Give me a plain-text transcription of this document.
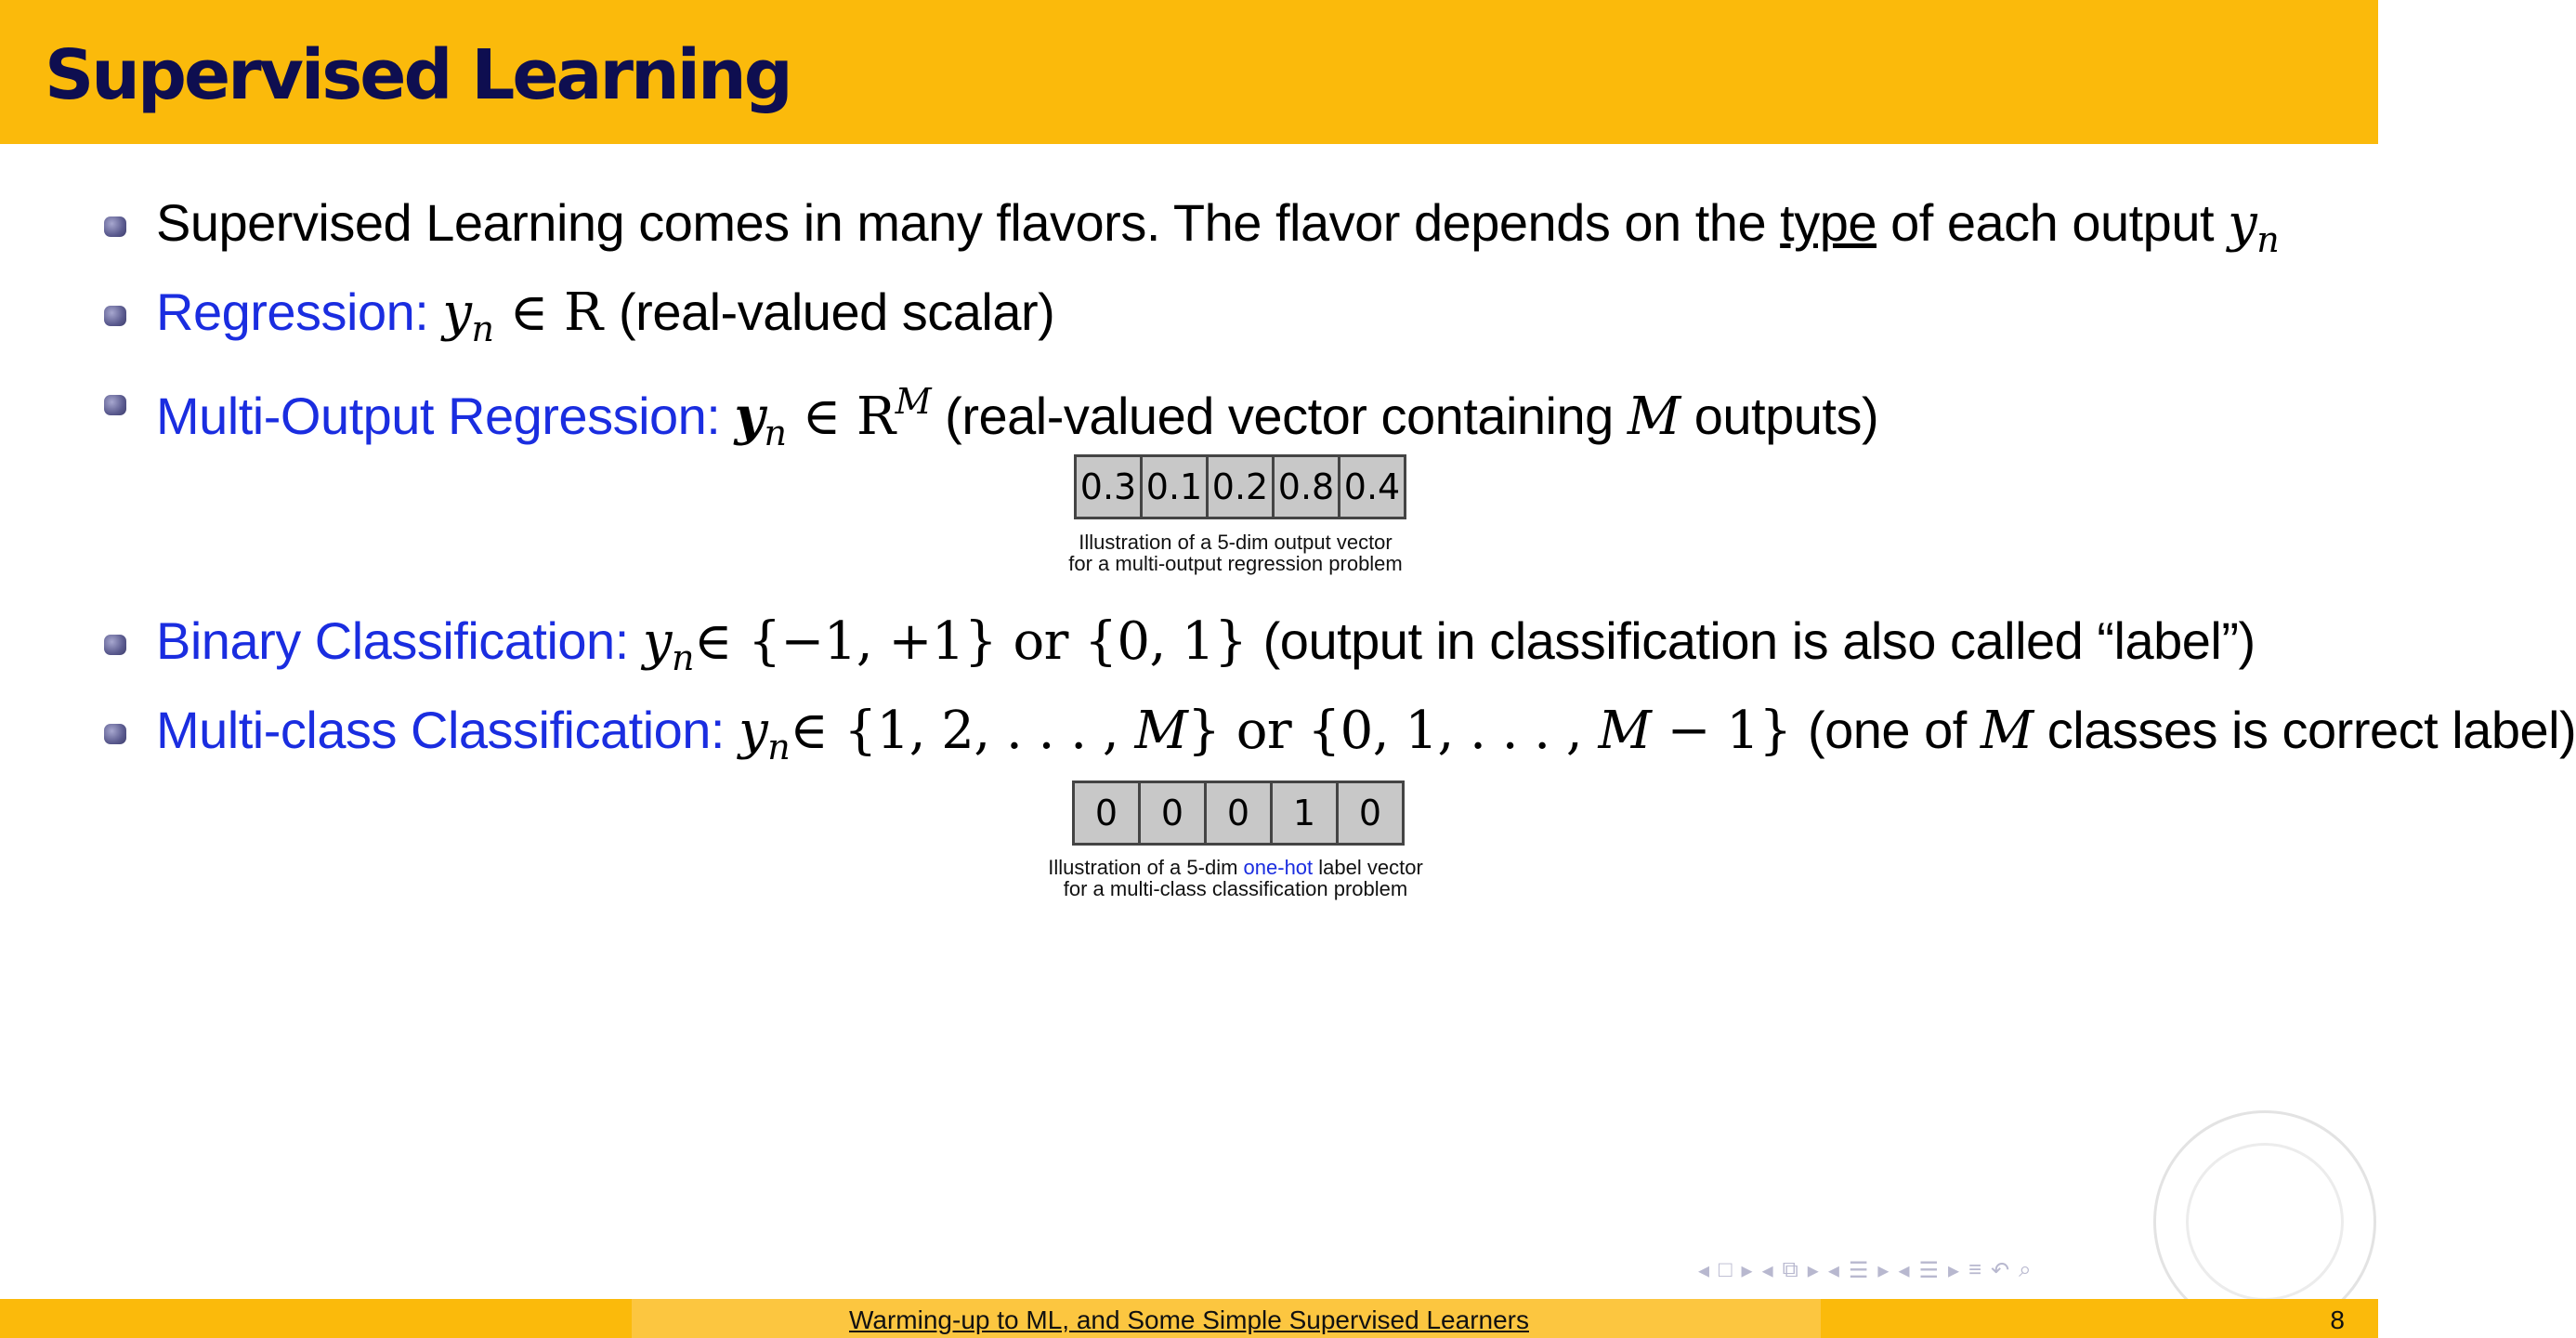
Supervised Learning
Supervised Learning comes in many flavors. The flavor depends on the type of each output $y_n$
Regression: $y_n$ ∈ R (real-valued scalar)
Multi-Output Regression: $y_n$ ∈ $R^M$ (real-valued vector containing M outputs)
0.3 0.1 0.2 0.8 0.4
Illustration of a 5-dim output vector
for a multi-output regression problem
Binary Classification: $y_n\in$ {−1, +1} or {0, 1} (output in classification is also called “label”)
Multi-class Classification: $y_n\in$ {1, 2, . . . , M} or {0, 1, . . . , M − 1} (one of M classes is correct label)
0	0	0	1	0
Illustration of a 5-dim one-hot label vector
for a multi-class classification problem
◂ □ ▸ ◂ ⧉ ▸ ◂ ☰ ▸ ◂ ☰ ▸ ≡ ↶ ⌕
Warming-up to ML, and Some Simple Supervised Learners	8
